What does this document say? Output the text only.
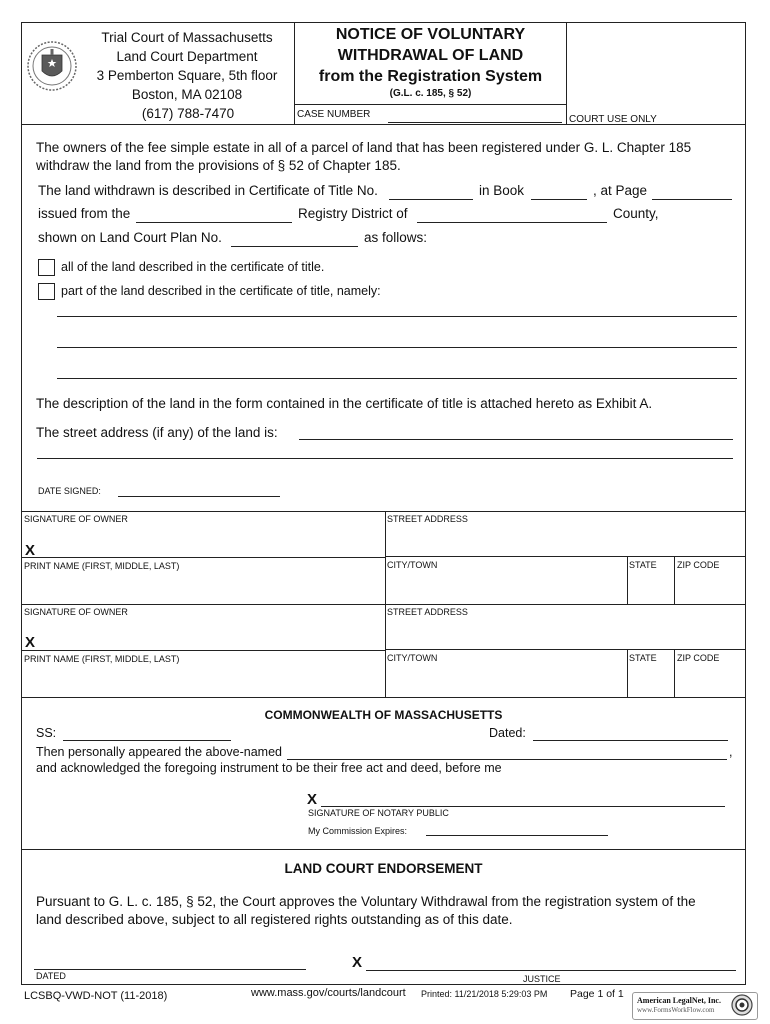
Trial Court of Massachusetts
Land Court Department
3 Pemberton Square, 5th floor
Boston, MA 02108
(617) 788-7470
NOTICE OF VOLUNTARY
WITHDRAWAL OF LAND
from the Registration System
(G.L. c. 185, § 52)
CASE NUMBER	COURT USE ONLY
The owners of the fee simple estate in all of a parcel of land that has been registered under G. L. Chapter 185
withdraw the land from the provisions of § 52 of Chapter 185.
The land withdrawn is described in Certificate of Title No.	in Book	, at Page
issued from the	Registry District of	County,
shown on Land Court Plan No.	as follows:
all of the land described in the certificate of title.
part of the land described in the certificate of title, namely:
The description of the land in the form contained in the certificate of title is attached hereto as Exhibit A.
The street address (if any) of the land is:
DATE SIGNED:
SIGNATURE OF OWNER
X
STREET ADDRESS
PRINT NAME (FIRST, MIDDLE, LAST)	CITY/TOWN	STATE ZIP CODE
SIGNATURE OF OWNER
X
STREET ADDRESS
PRINT NAME (FIRST, MIDDLE, LAST)	CITY/TOWN	STATE ZIP CODE
COMMONWEALTH OF MASSACHUSETTS
SS:	Dated:
Then personally appeared the above-named	,
and acknowledged the foregoing instrument to be their free act and deed, before me
X
SIGNATURE OF NOTARY PUBLIC
My Commission Expires:
LAND COURT ENDORSEMENT
Pursuant to G. L. c. 185, § 52, the Court approves the Voluntary Withdrawal from the registration system of the
land described above, subject to all registered rights outstanding as of this date.
DATED
X
JUSTICE
LCSBQ-VWD-NOT (11-2018)	www.mass.gov/courts/landcourt Printed: 11/21/2018 5:29:03 PM Page 1 of 1
American LegalNet, Inc.
www.FormsWorkFlow.com
